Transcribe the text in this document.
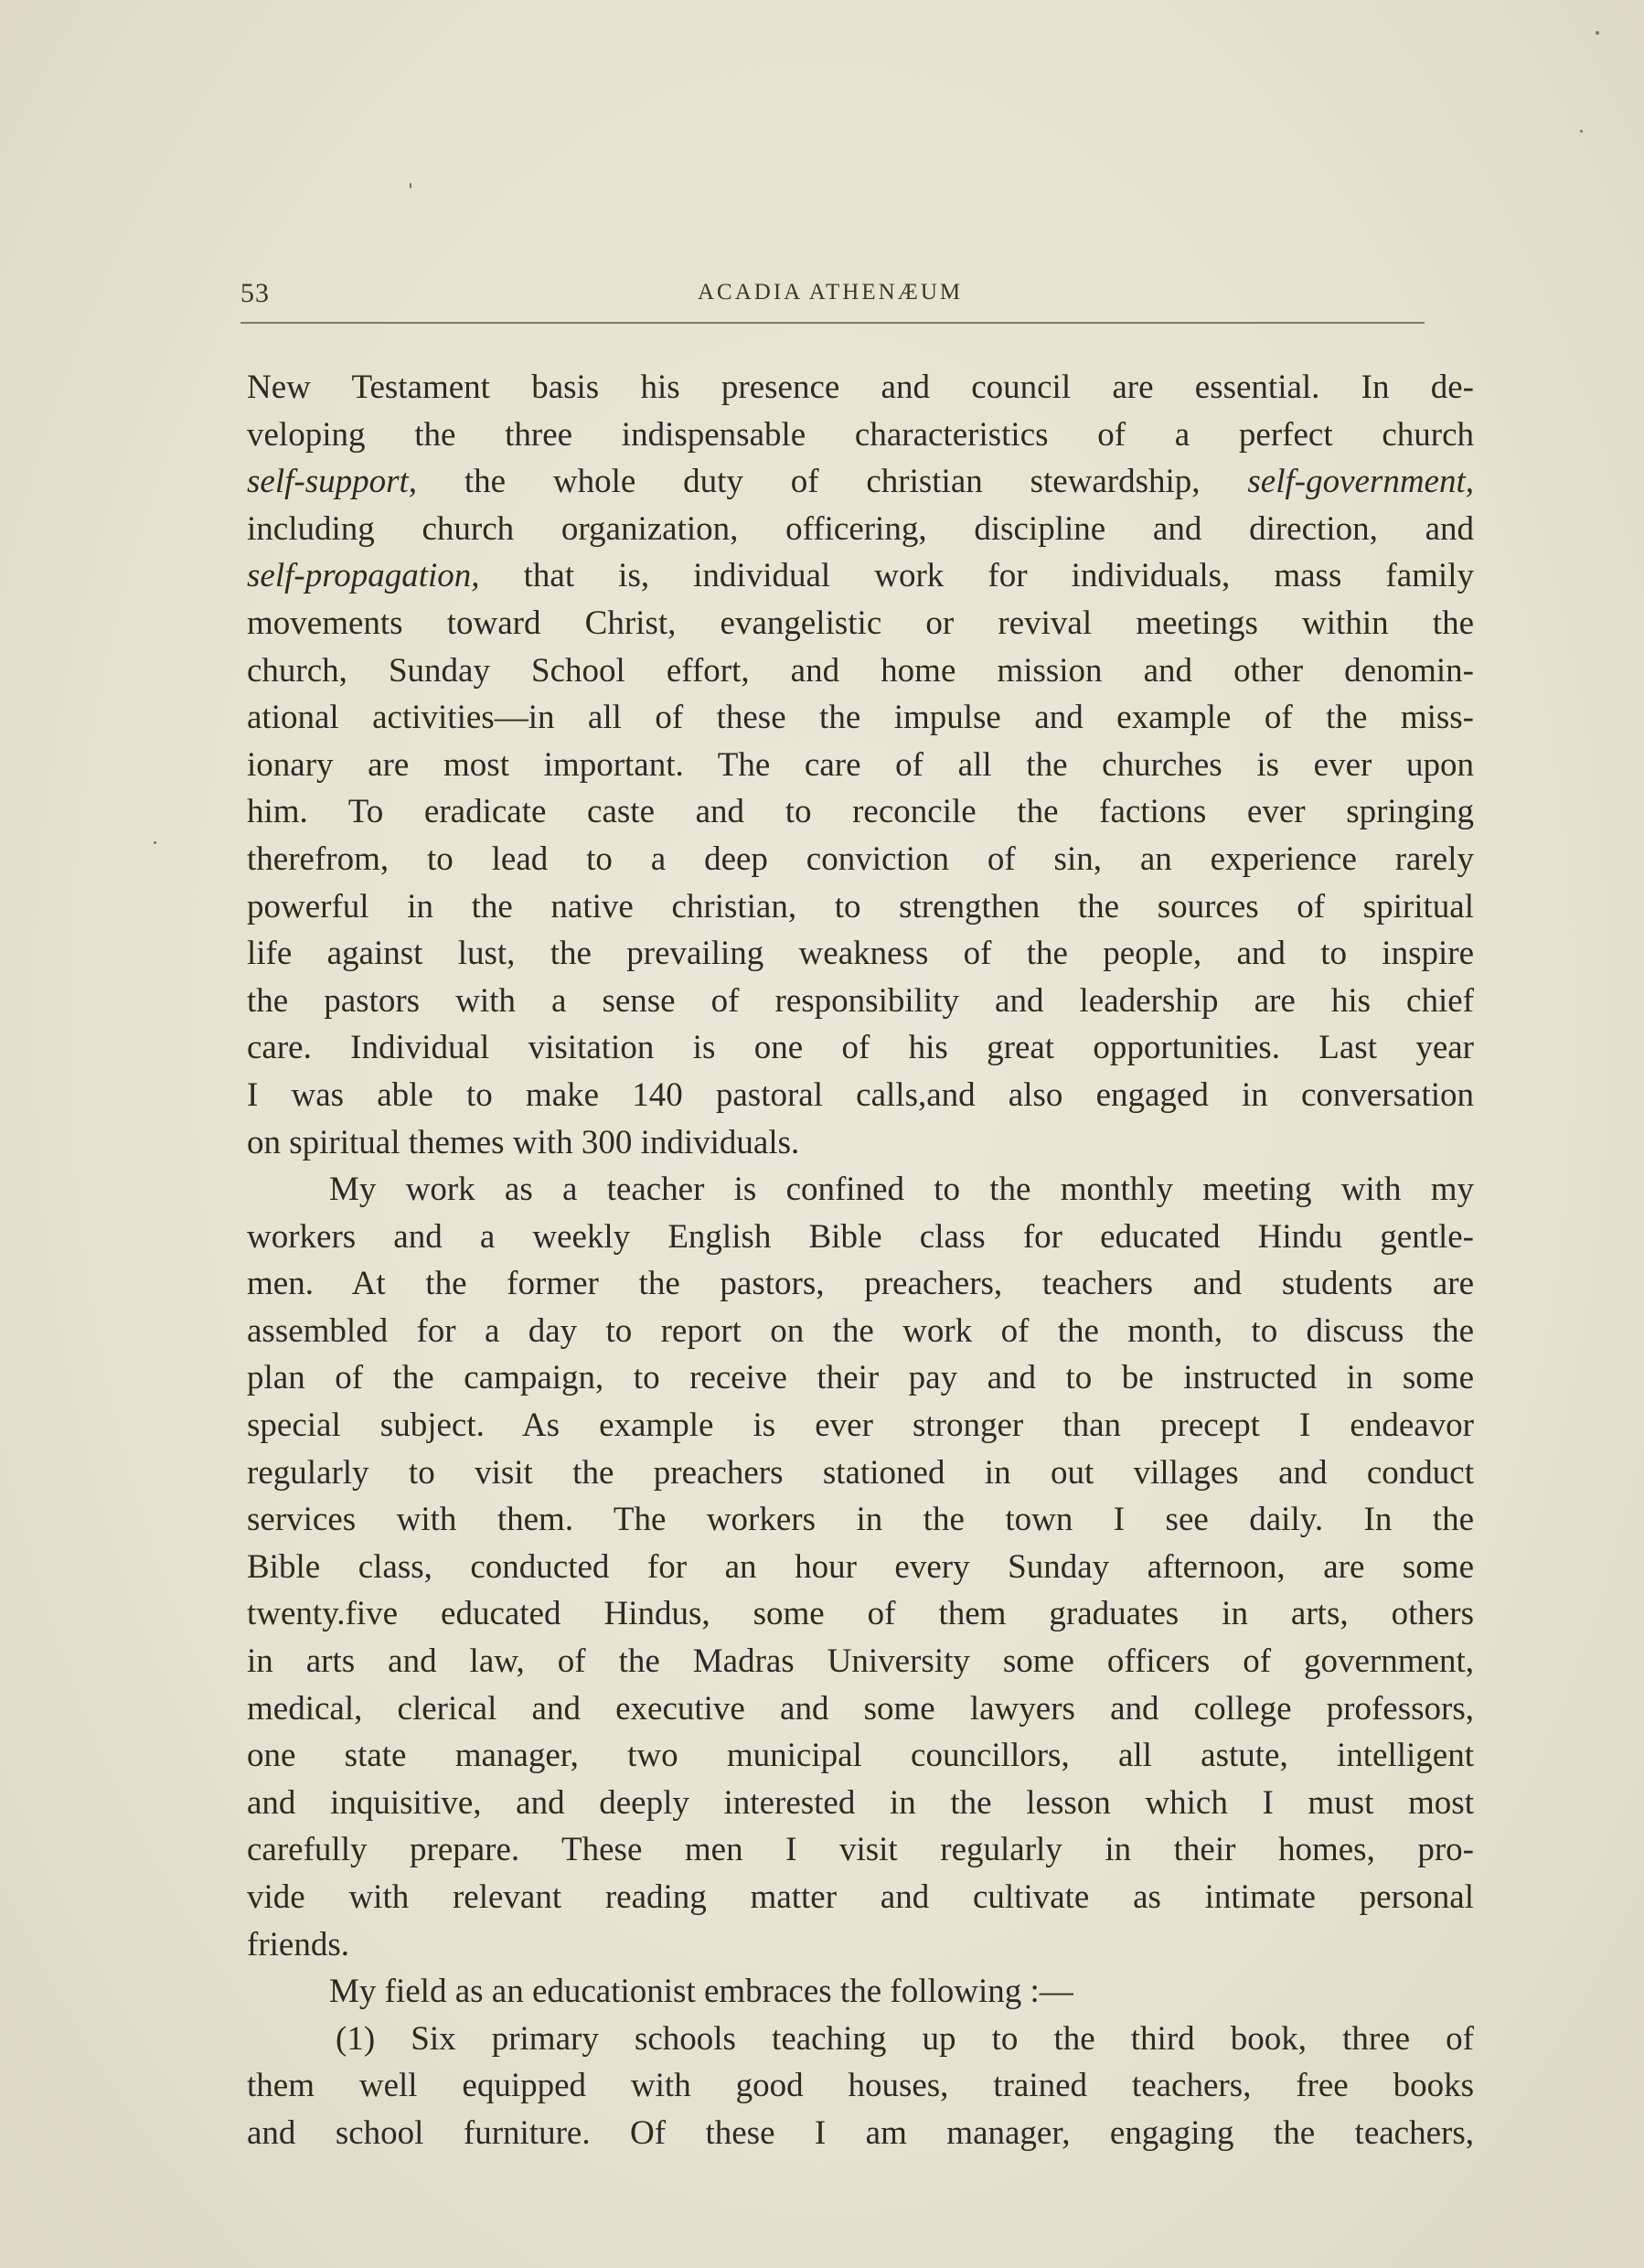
53	ACADIA ATHENÆUM
New Testament basis his presence and council are essential. In de-
veloping the three indispensable characteristics of a perfect church
self-support, the whole duty of christian stewardship, self-government,
including church organization, officering, discipline and direction, and
self-propagation, that is, individual work for individuals, mass family
movements toward Christ, evangelistic or revival meetings within the
church, Sunday School effort, and home mission and other denomin-
ational activities—in all of these the impulse and example of the miss-
ionary are most important. The care of all the churches is ever upon
him. To eradicate caste and to reconcile the factions ever springing
therefrom, to lead to a deep conviction of sin, an experience rarely
powerful in the native christian, to strengthen the sources of spiritual
life against lust, the prevailing weakness of the people, and to inspire
the pastors with a sense of responsibility and leadership are his chief
care. Individual visitation is one of his great opportunities. Last year
I was able to make 140 pastoral calls,and also engaged in conversation
on spiritual themes with 300 individuals.
My work as a teacher is confined to the monthly meeting with my
workers and a weekly English Bible class for educated Hindu gentle-
men. At the former the pastors, preachers, teachers and students are
assembled for a day to report on the work of the month, to discuss the
plan of the campaign, to receive their pay and to be instructed in some
special subject. As example is ever stronger than precept I endeavor
regularly to visit the preachers stationed in out villages and conduct
services with them. The workers in the town I see daily. In the
Bible class, conducted for an hour every Sunday afternoon, are some
twenty.five educated Hindus, some of them graduates in arts, others
in arts and law, of the Madras University some officers of government,
medical, clerical and executive and some lawyers and college professors,
one state manager, two municipal councillors, all astute, intelligent
and inquisitive, and deeply interested in the lesson which I must most
carefully prepare. These men I visit regularly in their homes, pro-
vide with relevant reading matter and cultivate as intimate personal
friends.
My field as an educationist embraces the following :—
(1) Six primary schools teaching up to the third book, three of
them well equipped with good houses, trained teachers, free books
and school furniture. Of these I am manager, engaging the teachers,
